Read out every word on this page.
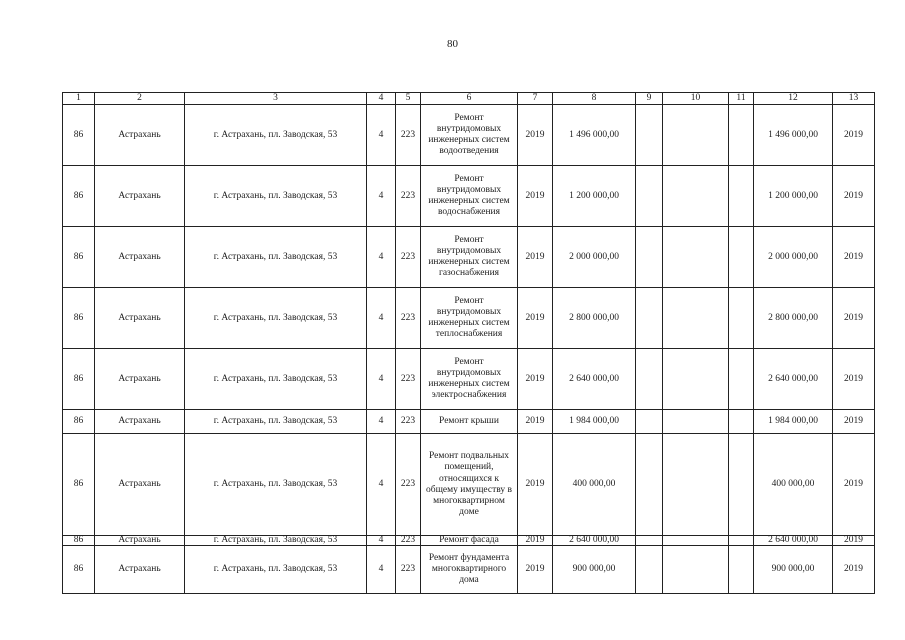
80
1	2	3	4	5	6	7	8	9	10	11	12	13
86	Астрахань	г. Астрахань, пл. Заводская, 53	4	223	Ремонт внутридомовых инженерных систем водоотведения	2019	1 496 000,00				1 496 000,00	2019
86	Астрахань	г. Астрахань, пл. Заводская, 53	4	223	Ремонт внутридомовых инженерных систем водоснабжения	2019	1 200 000,00				1 200 000,00	2019
86	Астрахань	г. Астрахань, пл. Заводская, 53	4	223	Ремонт внутридомовых инженерных систем газоснабжения	2019	2 000 000,00				2 000 000,00	2019
86	Астрахань	г. Астрахань, пл. Заводская, 53	4	223	Ремонт внутридомовых инженерных систем теплоснабжения	2019	2 800 000,00				2 800 000,00	2019
86	Астрахань	г. Астрахань, пл. Заводская, 53	4	223	Ремонт внутридомовых инженерных систем электроснабжения	2019	2 640 000,00				2 640 000,00	2019
86	Астрахань	г. Астрахань, пл. Заводская, 53	4	223	Ремонт крыши	2019	1 984 000,00				1 984 000,00	2019
86	Астрахань	г. Астрахань, пл. Заводская, 53	4	223	Ремонт подвальных помещений, относящихся к общему имуществу в многоквартирном доме	2019	400 000,00				400 000,00	2019
86	Астрахань	г. Астрахань, пл. Заводская, 53	4	223	Ремонт фасада	2019	2 640 000,00				2 640 000,00	2019
86	Астрахань	г. Астрахань, пл. Заводская, 53	4	223	Ремонт фундамента многоквартирного дома	2019	900 000,00				900 000,00	2019
